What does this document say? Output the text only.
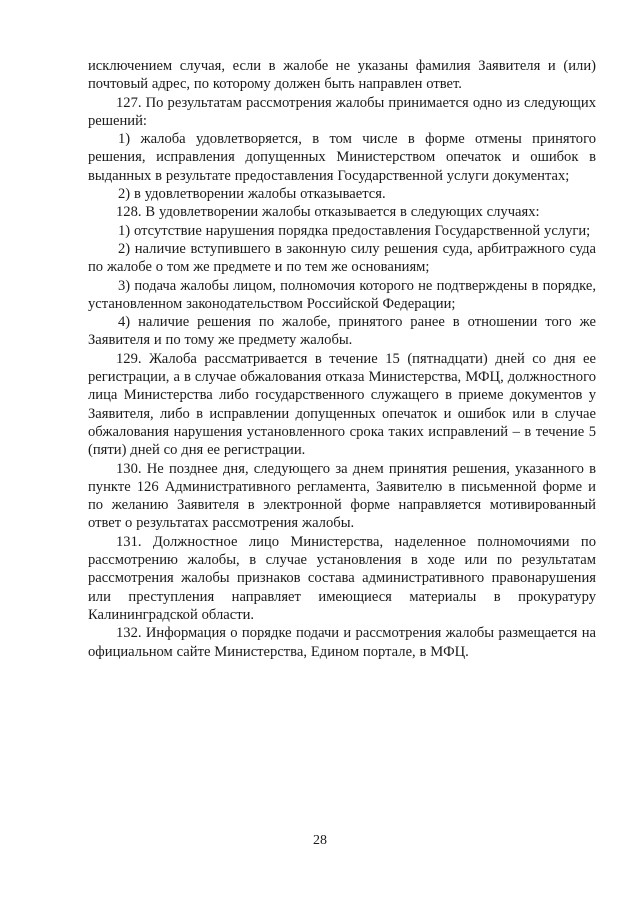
исключением случая, если в жалобе не указаны фамилия Заявителя и (или) почтовый адрес, по которому должен быть направлен ответ.

127. По результатам рассмотрения жалобы принимается одно из следующих решений:

1) жалоба удовлетворяется, в том числе в форме отмены принятого решения, исправления допущенных Министерством опечаток и ошибок в выданных в результате предоставления Государственной услуги документах;

2) в удовлетворении жалобы отказывается.

128. В удовлетворении жалобы отказывается в следующих случаях:

1) отсутствие нарушения порядка предоставления Государственной услуги;

2) наличие вступившего в законную силу решения суда, арбитражного суда по жалобе о том же предмете и по тем же основаниям;

3) подача жалобы лицом, полномочия которого не подтверждены в порядке, установленном законодательством Российской Федерации;

4) наличие решения по жалобе, принятого ранее в отношении того же Заявителя и по тому же предмету жалобы.

129. Жалоба рассматривается в течение 15 (пятнадцати) дней со дня ее регистрации, а в случае обжалования отказа Министерства, МФЦ, должностного лица Министерства либо государственного служащего в приеме документов у Заявителя, либо в исправлении допущенных опечаток и ошибок или в случае обжалования нарушения установленного срока таких исправлений – в течение 5 (пяти) дней со дня ее регистрации.

130. Не позднее дня, следующего за днем принятия решения, указанного в пункте 126 Административного регламента, Заявителю в письменной форме и по желанию Заявителя в электронной форме направляется мотивированный ответ о результатах рассмотрения жалобы.

131. Должностное лицо Министерства, наделенное полномочиями по рассмотрению жалобы, в случае установления в ходе или по результатам рассмотрения жалобы признаков состава административного правонарушения или преступления направляет имеющиеся материалы в прокуратуру Калининградской области.

132. Информация о порядке подачи и рассмотрения жалобы размещается на официальном сайте Министерства, Едином портале, в МФЦ.

28
